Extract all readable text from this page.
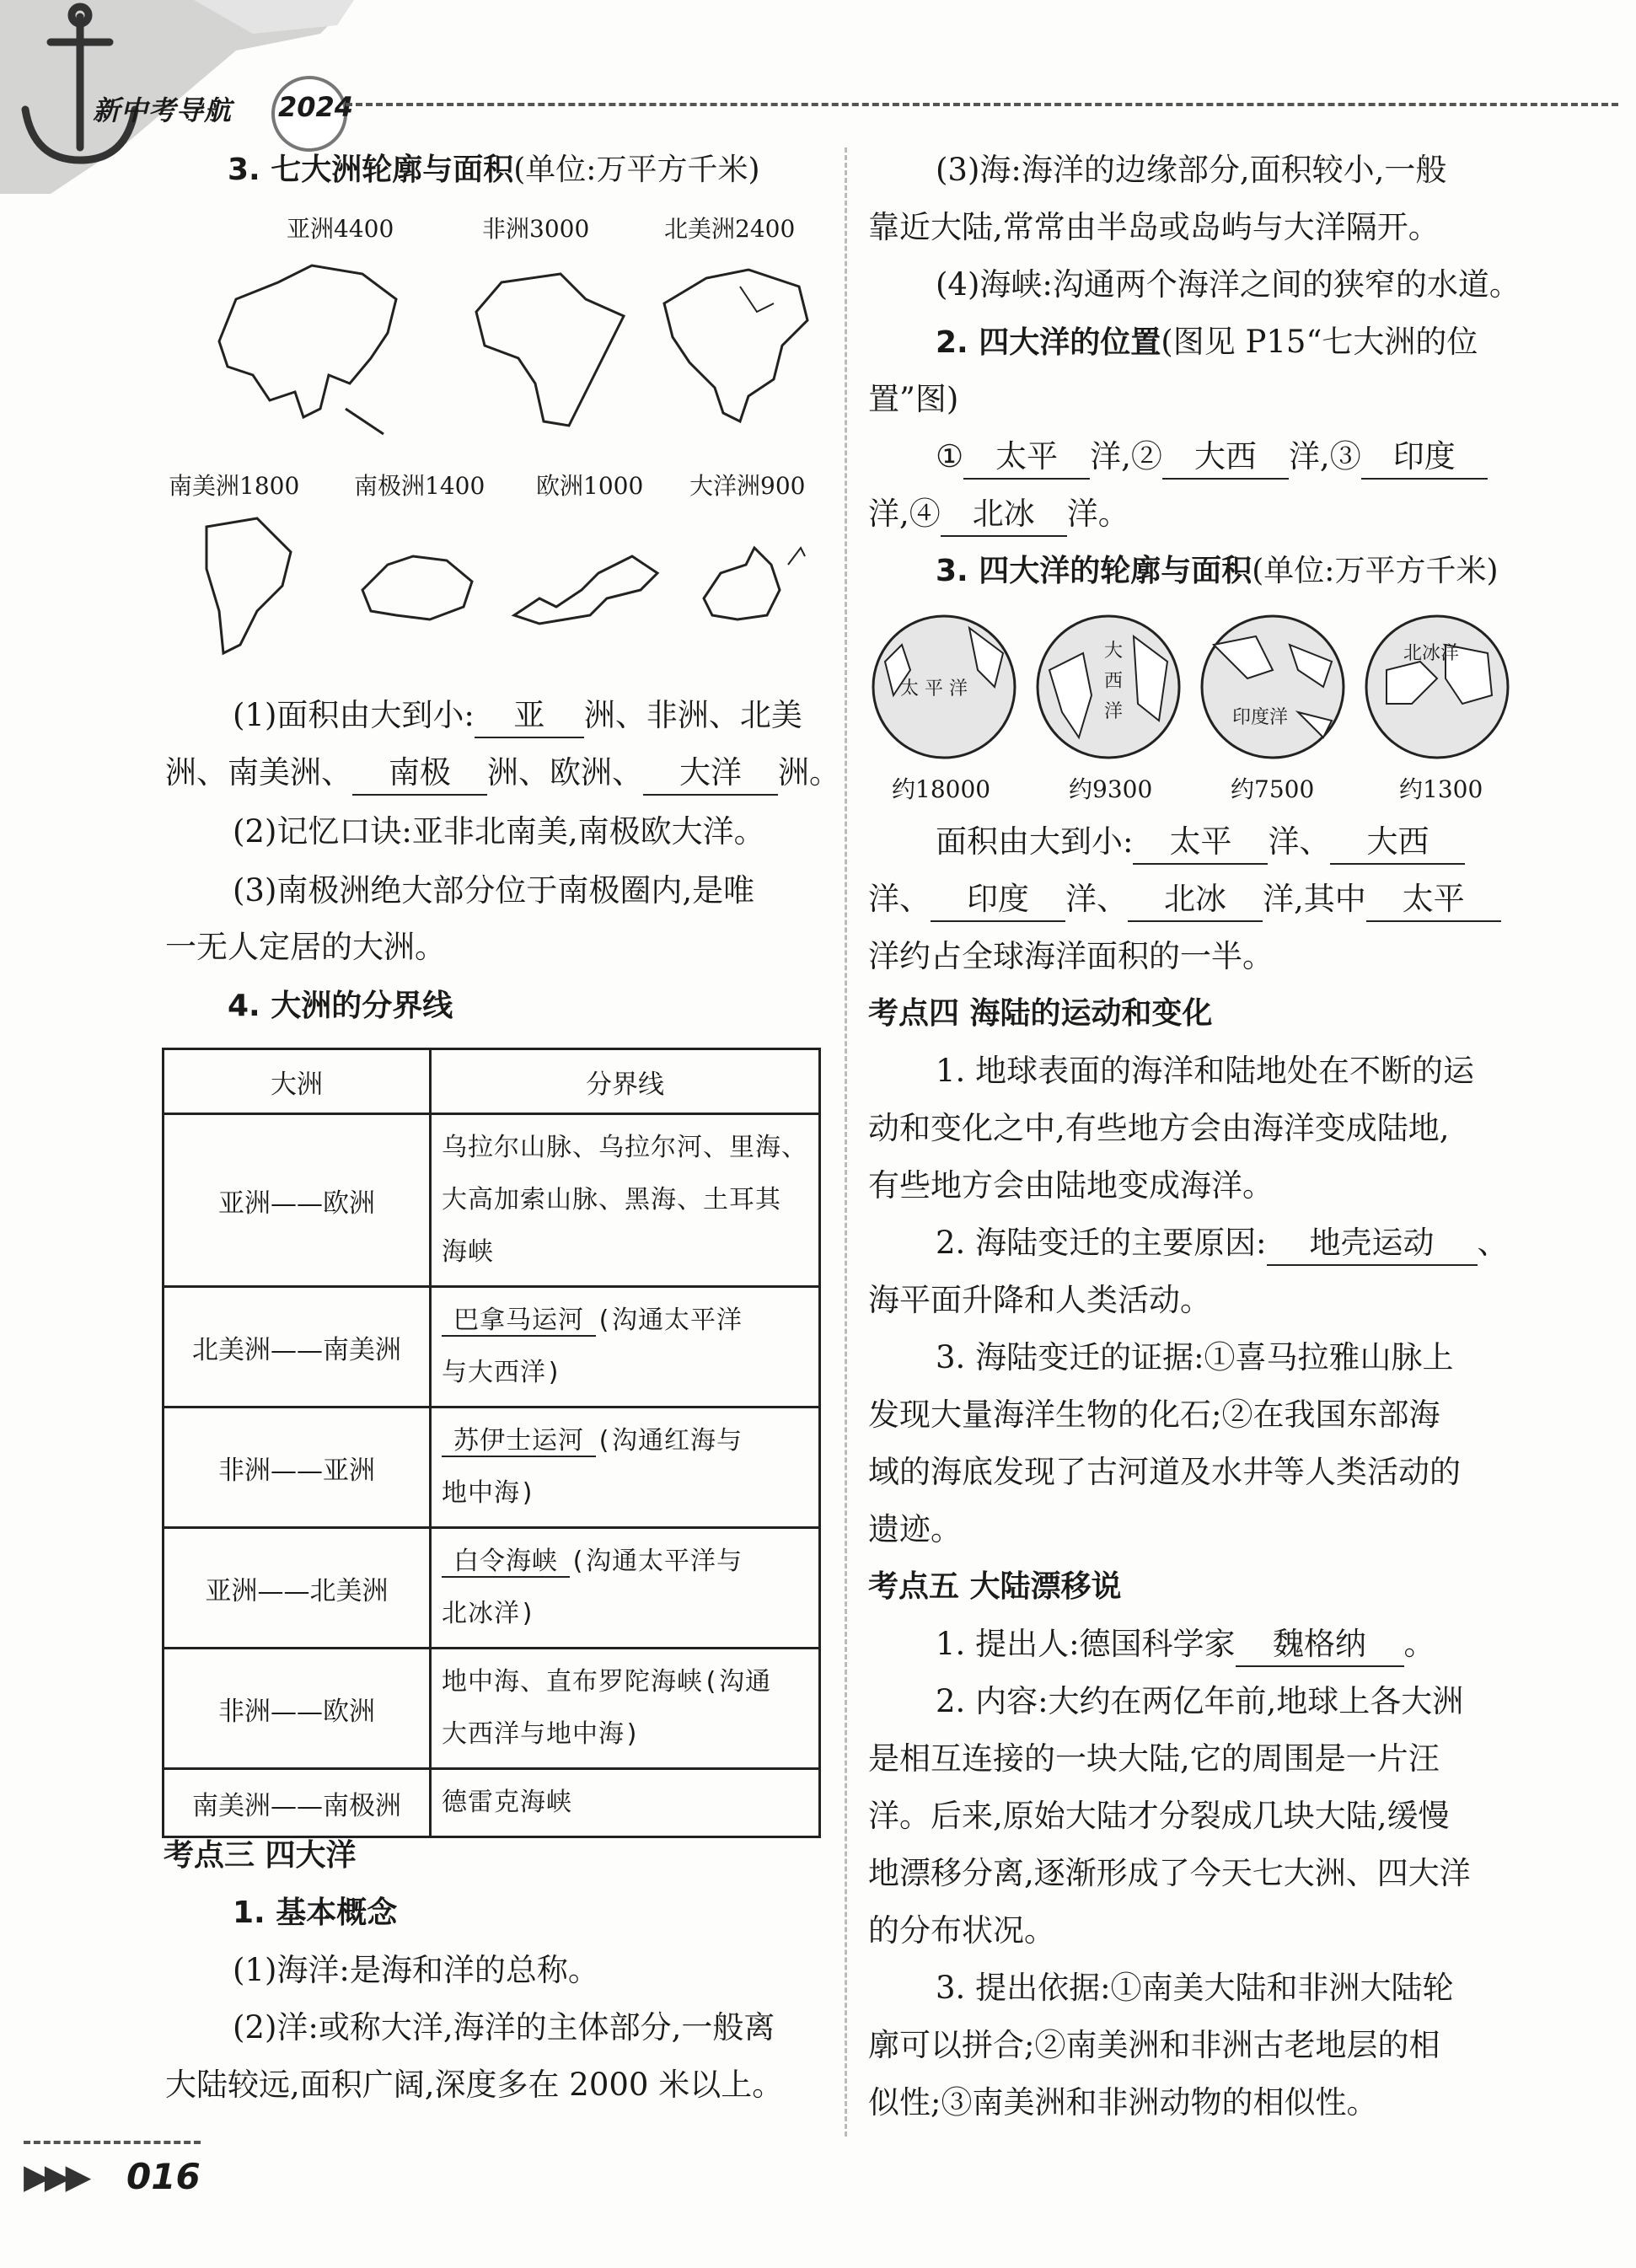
新中考导航 2024
3. 七大洲轮廓与面积(单位:万平方千米)
亚洲4400	非洲3000	北美洲2400
南美洲1800 南极洲1400 欧洲1000 大洋洲900
(1)面积由大到小: 亚 洲、非洲、北美
洲、南美洲、 南极 洲、欧洲、 大洋 洲。
(2)记忆口诀:亚非北南美,南极欧大洋。
(3)南极洲绝大部分位于南极圈内,是唯
一无人定居的大洲。
4. 大洲的分界线
大洲	分界线
亚洲——欧洲	乌拉尔山脉、乌拉尔河、里海、
大高加索山脉、黑海、土耳其
海峡

北美洲——南美洲	巴拿马运河 (沟通太平洋
与大西洋)

非洲——亚洲	苏伊士运河 (沟通红海与
地中海)

亚洲——北美洲	白令海峡 (沟通太平洋与
北冰洋)

非洲——欧洲	地中海、直布罗陀海峡(沟通
大西洋与地中海)

南美洲——南极洲	德雷克海峡
考点三 四大洋
1. 基本概念
(1)海洋:是海和洋的总称。
(2)洋:或称大洋,海洋的主体部分,一般离
大陆较远,面积广阔,深度多在 2000 米以上。
(3)海:海洋的边缘部分,面积较小,一般
靠近大陆,常常由半岛或岛屿与大洋隔开。
(4)海峡:沟通两个海洋之间的狭窄的水道。
2. 四大洋的位置(图见 P15“七大洲的位
置”图)
① 太平 洋,② 大西 洋,③ 印度
洋,④ 北冰 洋。
3. 四大洋的轮廓与面积(单位:万平方千米)
太 平 洋
大
西
洋	印度洋
北冰洋
约18000	约9300	约7500	约1300
面积由大到小: 太平 洋、 大西
洋、 印度 洋、 北冰 洋,其中 太平
洋约占全球海洋面积的一半。
考点四 海陆的运动和变化
1. 地球表面的海洋和陆地处在不断的运
动和变化之中,有些地方会由海洋变成陆地,
有些地方会由陆地变成海洋。
2. 海陆变迁的主要原因: 地壳运动 、
海平面升降和人类活动。
3. 海陆变迁的证据:①喜马拉雅山脉上
发现大量海洋生物的化石;②在我国东部海
域的海底发现了古河道及水井等人类活动的
遗迹。
考点五 大陆漂移说
1. 提出人:德国科学家 魏格纳 。
2. 内容:大约在两亿年前,地球上各大洲
是相互连接的一块大陆,它的周围是一片汪
洋。后来,原始大陆才分裂成几块大陆,缓慢
地漂移分离,逐渐形成了今天七大洲、四大洋
的分布状况。
3. 提出依据:①南美大陆和非洲大陆轮
廓可以拼合;②南美洲和非洲古老地层的相
似性;③南美洲和非洲动物的相似性。
▶▶▶ 016
